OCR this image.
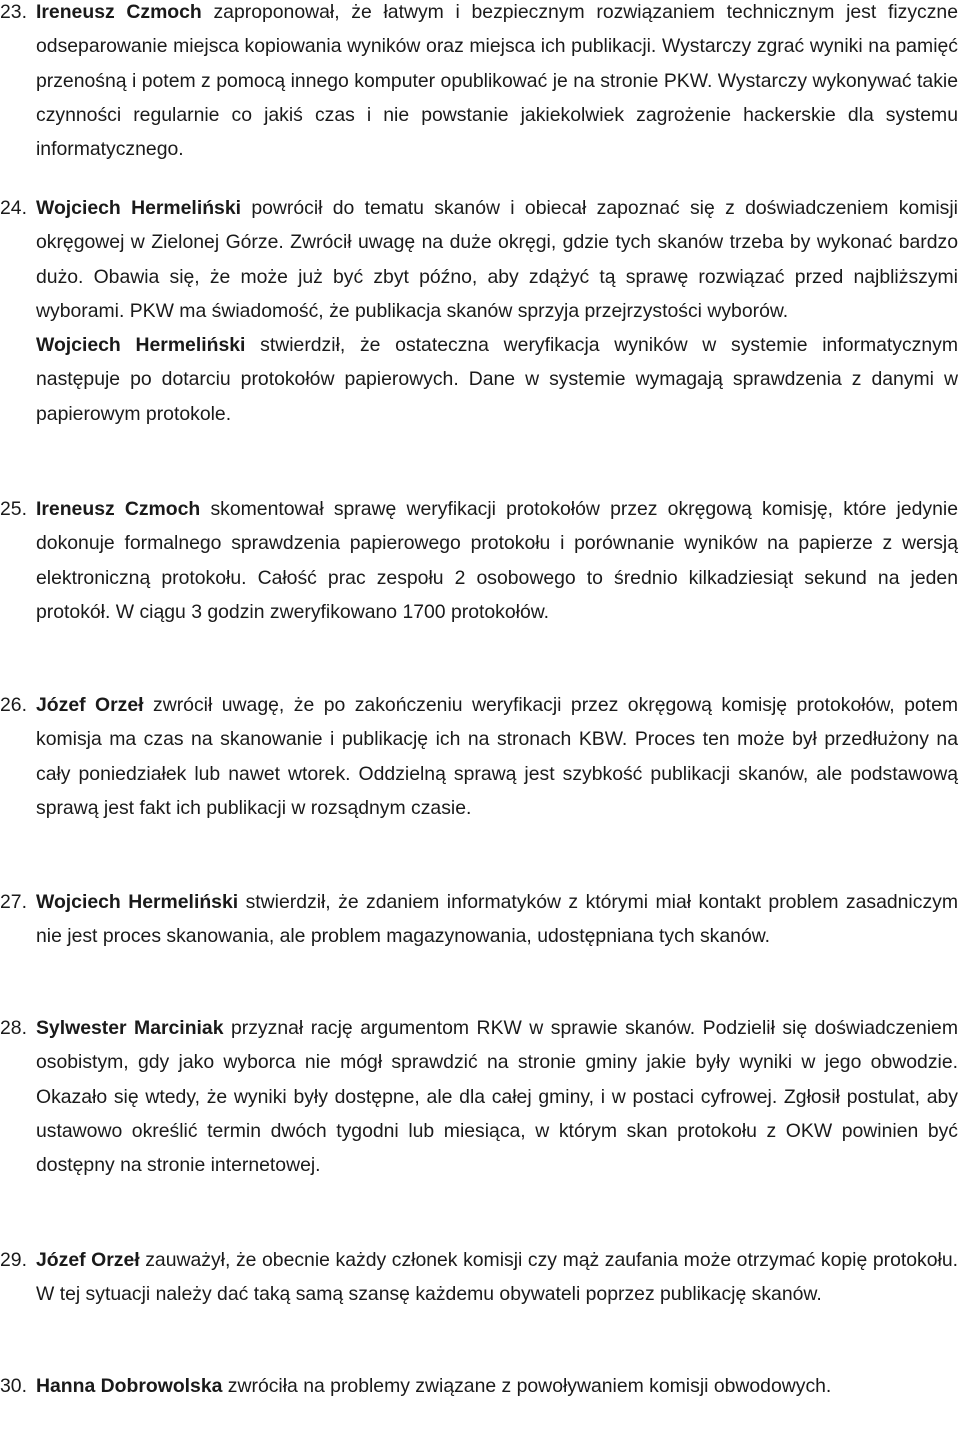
23. Ireneusz Czmoch zaproponował, że łatwym i bezpiecznym rozwiązaniem technicznym jest fizyczne odseparowanie miejsca kopiowania wyników oraz miejsca ich publikacji. Wystarczy zgrać wyniki na pamięć przenośną i potem z pomocą innego komputer opublikować je na stronie PKW. Wystarczy wykonywać takie czynności regularnie co jakiś czas i nie powstanie jakiekolwiek zagrożenie hackerskie dla systemu informatycznego.

24. Wojciech Hermeliński powrócił do tematu skanów i obiecał zapoznać się z doświadczeniem komisji okręgowej w Zielonej Górze. Zwrócił uwagę na duże okręgi, gdzie tych skanów trzeba by wykonać bardzo dużo. Obawia się, że może już być zbyt późno, aby zdążyć tą sprawę rozwiązać przed najbliższymi wyborami. PKW ma świadomość, że publikacja skanów sprzyja przejrzystości wyborów.

Wojciech Hermeliński stwierdził, że ostateczna weryfikacja wyników w systemie informatycznym następuje po dotarciu protokołów papierowych. Dane w systemie wymagają sprawdzenia z danymi w papierowym protokole.

25. Ireneusz Czmoch skomentował sprawę weryfikacji protokołów przez okręgową komisję, które jedynie dokonuje formalnego sprawdzenia papierowego protokołu i porównanie wyników na papierze z wersją elektroniczną protokołu. Całość prac zespołu 2 osobowego to średnio kilkadziesiąt sekund na jeden protokół. W ciągu 3 godzin zweryfikowano 1700 protokołów.

26. Józef Orzeł zwrócił uwagę, że po zakończeniu weryfikacji przez okręgową komisję protokołów, potem komisja ma czas na skanowanie i publikację ich na stronach KBW. Proces ten może był przedłużony na cały poniedziałek lub nawet wtorek. Oddzielną sprawą jest szybkość publikacji skanów, ale podstawową sprawą jest fakt ich publikacji w rozsądnym czasie.

27. Wojciech Hermeliński stwierdził, że zdaniem informatyków z którymi miał kontakt problem zasadniczym nie jest proces skanowania, ale problem magazynowania, udostępniana tych skanów.

28. Sylwester Marciniak przyznał rację argumentom RKW w sprawie skanów. Podzielił się doświadczeniem osobistym, gdy jako wyborca nie mógł sprawdzić na stronie gminy jakie były wyniki w jego obwodzie. Okazało się wtedy, że wyniki były dostępne, ale dla całej gminy, i w postaci cyfrowej. Zgłosił postulat, aby ustawowo określić termin dwóch tygodni lub miesiąca, w którym skan protokołu z OKW powinien być dostępny na stronie internetowej.

29. Józef Orzeł zauważył, że obecnie każdy członek komisji czy mąż zaufania może otrzymać kopię protokołu. W tej sytuacji należy dać taką samą szansę każdemu obywateli poprzez publikację skanów.

30. Hanna Dobrowolska zwróciła na problemy związane z powoływaniem komisji obwodowych.
